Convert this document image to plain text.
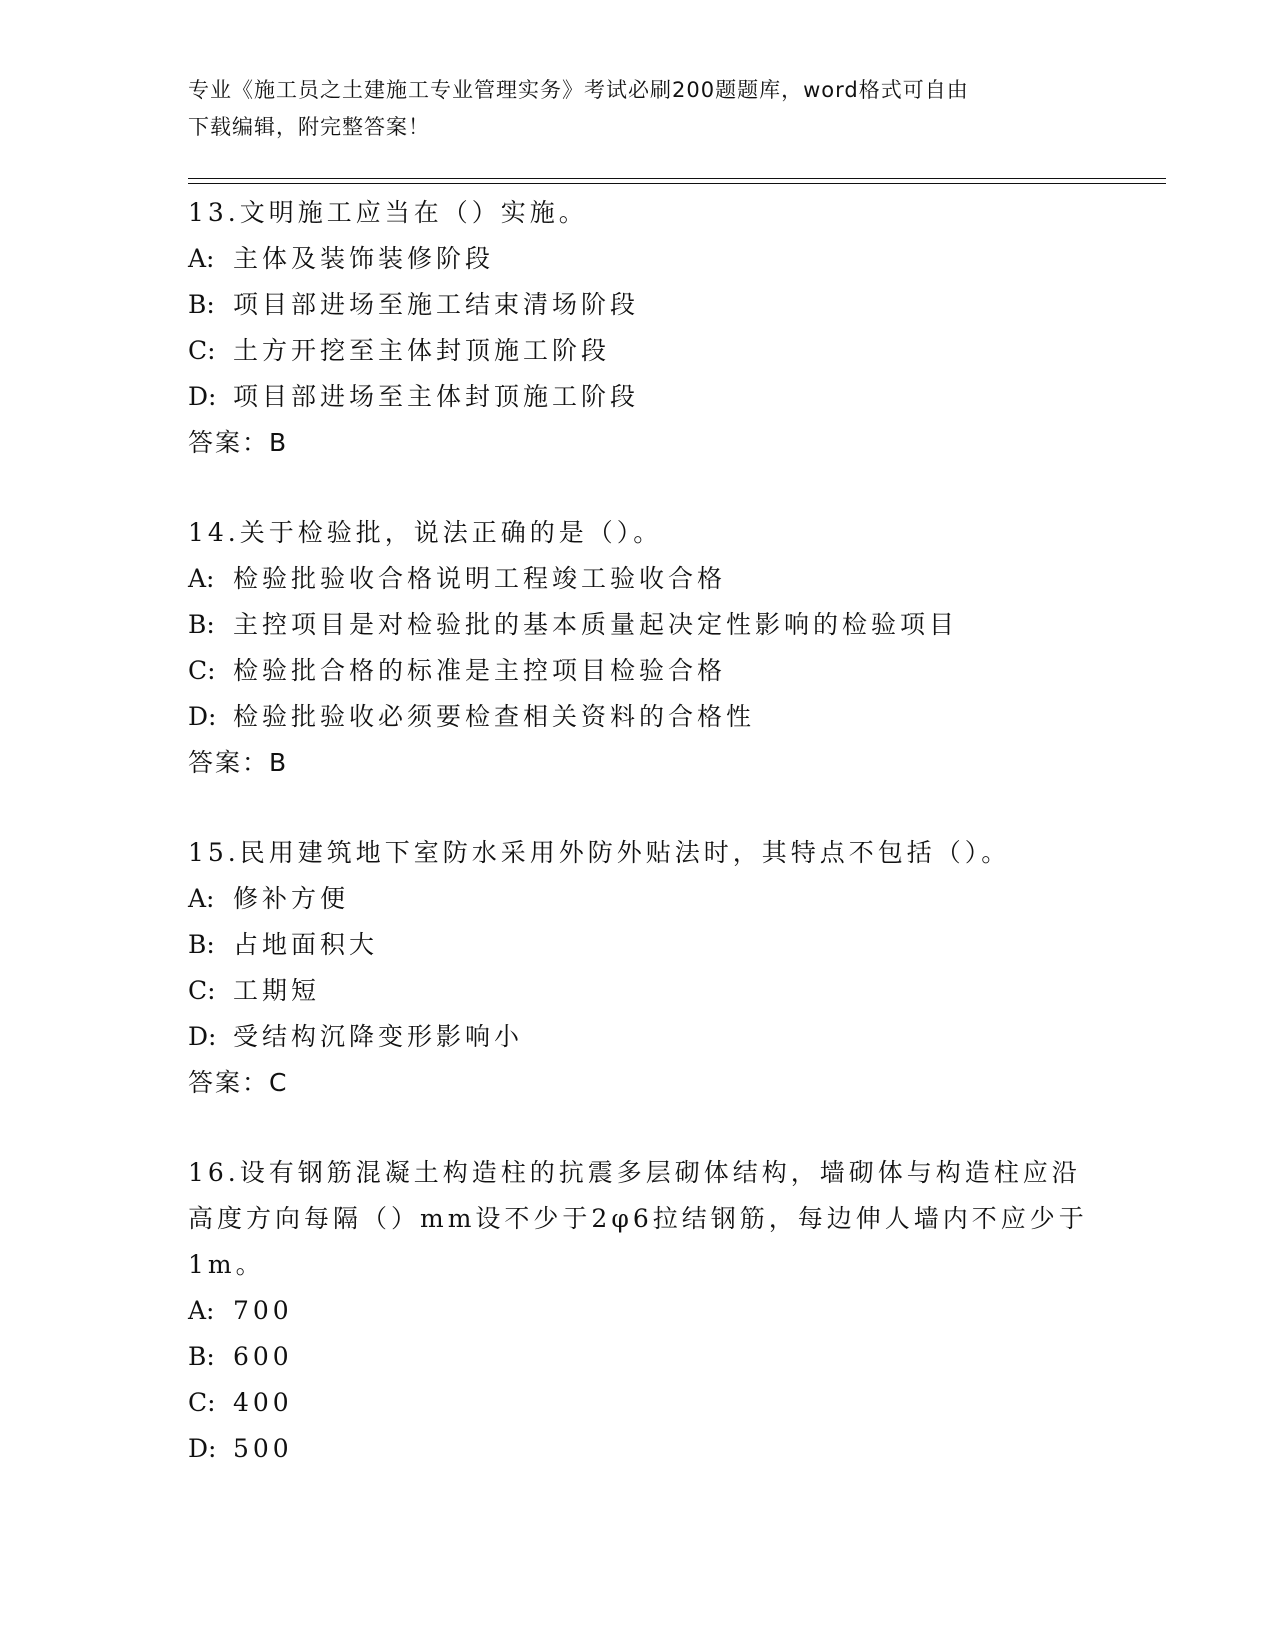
专业《施工员之土建施工专业管理实务》考试必刷200题题库，word格式可自由
下载编辑，附完整答案！
13.文明施工应当在（）实施。
A: 主体及装饰装修阶段
B: 项目部进场至施工结束清场阶段
C: 土方开挖至主体封顶施工阶段
D: 项目部进场至主体封顶施工阶段
答案：B
14.关于检验批，说法正确的是（）。
A: 检验批验收合格说明工程竣工验收合格
B: 主控项目是对检验批的基本质量起决定性影响的检验项目
C: 检验批合格的标准是主控项目检验合格
D: 检验批验收必须要检查相关资料的合格性
答案：B
15.民用建筑地下室防水采用外防外贴法时，其特点不包括（）。
A: 修补方便
B: 占地面积大
C: 工期短
D: 受结构沉降变形影响小
答案：C
16.设有钢筋混凝土构造柱的抗震多层砌体结构，墙砌体与构造柱应沿
高度方向每隔（）mm设不少于2φ6拉结钢筋，每边伸人墙内不应少于
1m。
A: 700
B: 600
C: 400
D: 500
